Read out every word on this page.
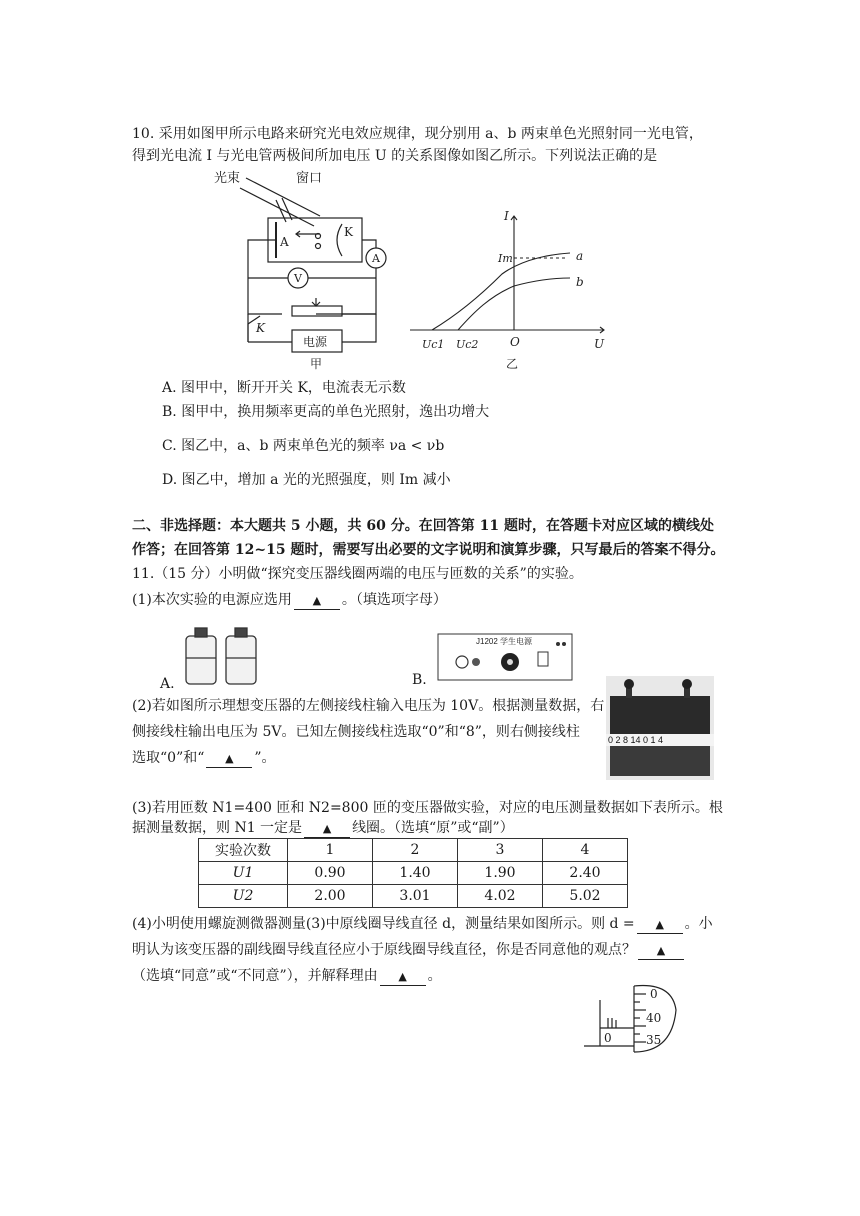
10. 采用如图甲所示电路来研究光电效应规律，现分别用 a、b 两束单色光照射同一光电管，
得到光电流 I 与光电管两极间所加电压 U 的关系图像如图乙所示。下列说法正确的是
光束	窗口
A
K
A
V
K
电源
甲
I
U
O
Im
Uc1 Uc2
a
b
乙
A. 图甲中，断开开关 K，电流表无示数
B. 图甲中，换用频率更高的单色光照射，逸出功增大
C. 图乙中，a、b 两束单色光的频率 νa < νb
D. 图乙中，增加 a 光的光照强度，则 Im 减小
二、非选择题：本大题共 5 小题，共 60 分。在回答第 11 题时，在答题卡对应区域的横线处
作答；在回答第 12~15 题时，需要写出必要的文字说明和演算步骤，只写最后的答案不得分。
11.（15 分）小明做“探究变压器线圈两端的电压与匝数的关系”的实验。
(1)本次实验的电源应选用 ▲ 。（填选项字母）
A.
J1202 学生电源
B.
(2)若如图所示理想变压器的左侧接线柱输入电压为 10V。根据测量数据，右
侧接线柱输出电压为 5V。已知左侧接线柱选取“0”和“8”，则右侧接线柱
选取“0”和“ ▲ ”。
0 2 8 14 0 1 4
(3)若用匝数 N1=400 匝和 N2=800 匝的变压器做实验，对应的电压测量数据如下表所示。根
据测量数据，则 N1 一定是 ▲ 线圈。（选填“原”或“副”）
实验次数	1	2	3	4
U1	0.90	1.40	1.90	2.40
U2	2.00	3.01	4.02	5.02
(4)小明使用螺旋测微器测量(3)中原线圈导线直径 d，测量结果如图所示。则 d = ▲ 。小
明认为该变压器的副线圈导线直径应小于原线圈导线直径，你是否同意他的观点？ ▲
（选填“同意”或“不同意”），并解释理由 ▲ 。
0
40
35
0
